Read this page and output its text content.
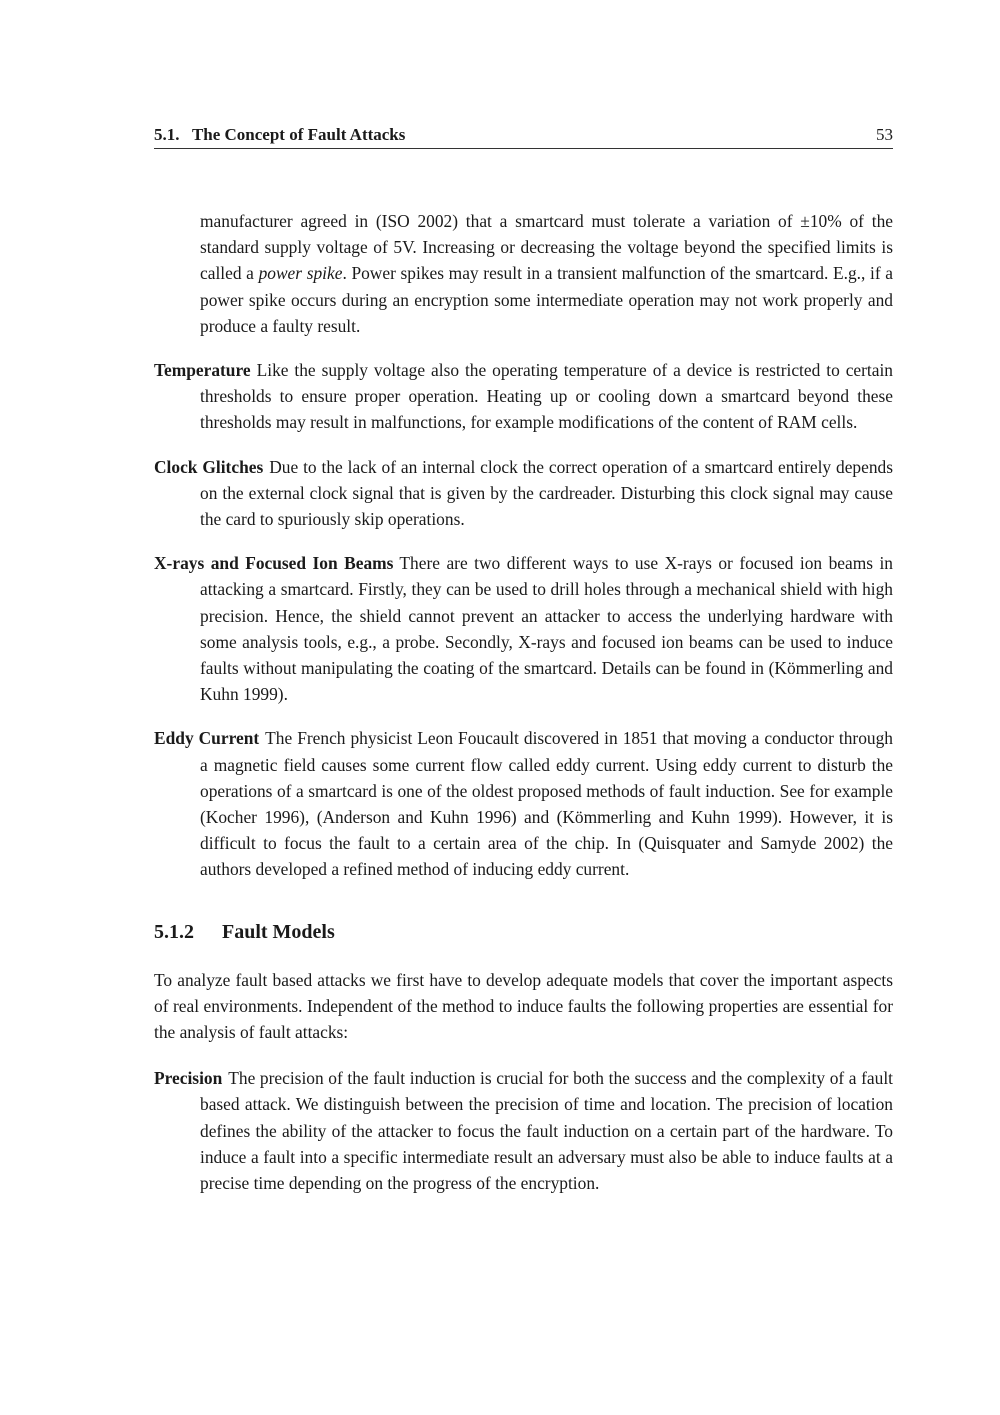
5.1.   The Concept of Fault Attacks	53

manufacturer agreed in (ISO 2002) that a smartcard must tolerate a variation of ±10% of the standard supply voltage of 5V. Increasing or decreasing the voltage beyond the specified limits is called a power spike. Power spikes may result in a transient malfunction of the smartcard. E.g., if a power spike occurs during an encryption some intermediate operation may not work properly and produce a faulty result.

Temperature Like the supply voltage also the operating temperature of a device is restricted to certain thresholds to ensure proper operation. Heating up or cooling down a smartcard beyond these thresholds may result in malfunctions, for example modifications of the content of RAM cells.

Clock Glitches Due to the lack of an internal clock the correct operation of a smartcard entirely depends on the external clock signal that is given by the cardreader. Disturbing this clock signal may cause the card to spuriously skip operations.

X-rays and Focused Ion Beams There are two different ways to use X-rays or focused ion beams in attacking a smartcard. Firstly, they can be used to drill holes through a mechanical shield with high precision. Hence, the shield cannot prevent an attacker to access the underlying hardware with some analysis tools, e.g., a probe. Secondly, X-rays and focused ion beams can be used to induce faults without manipulating the coating of the smartcard. Details can be found in (Kömmerling and Kuhn 1999).

Eddy Current The French physicist Leon Foucault discovered in 1851 that moving a conductor through a magnetic field causes some current flow called eddy current. Using eddy current to disturb the operations of a smartcard is one of the oldest proposed methods of fault induction. See for example (Kocher 1996), (Anderson and Kuhn 1996) and (Kömmerling and Kuhn 1999). However, it is difficult to focus the fault to a certain area of the chip. In (Quisquater and Samyde 2002) the authors developed a refined method of inducing eddy current.

5.1.2 Fault Models

To analyze fault based attacks we first have to develop adequate models that cover the important aspects of real environments. Independent of the method to induce faults the following properties are essential for the analysis of fault attacks:

Precision The precision of the fault induction is crucial for both the success and the complexity of a fault based attack. We distinguish between the precision of time and location. The precision of location defines the ability of the attacker to focus the fault induction on a certain part of the hardware. To induce a fault into a specific intermediate result an adversary must also be able to induce faults at a precise time depending on the progress of the encryption.
